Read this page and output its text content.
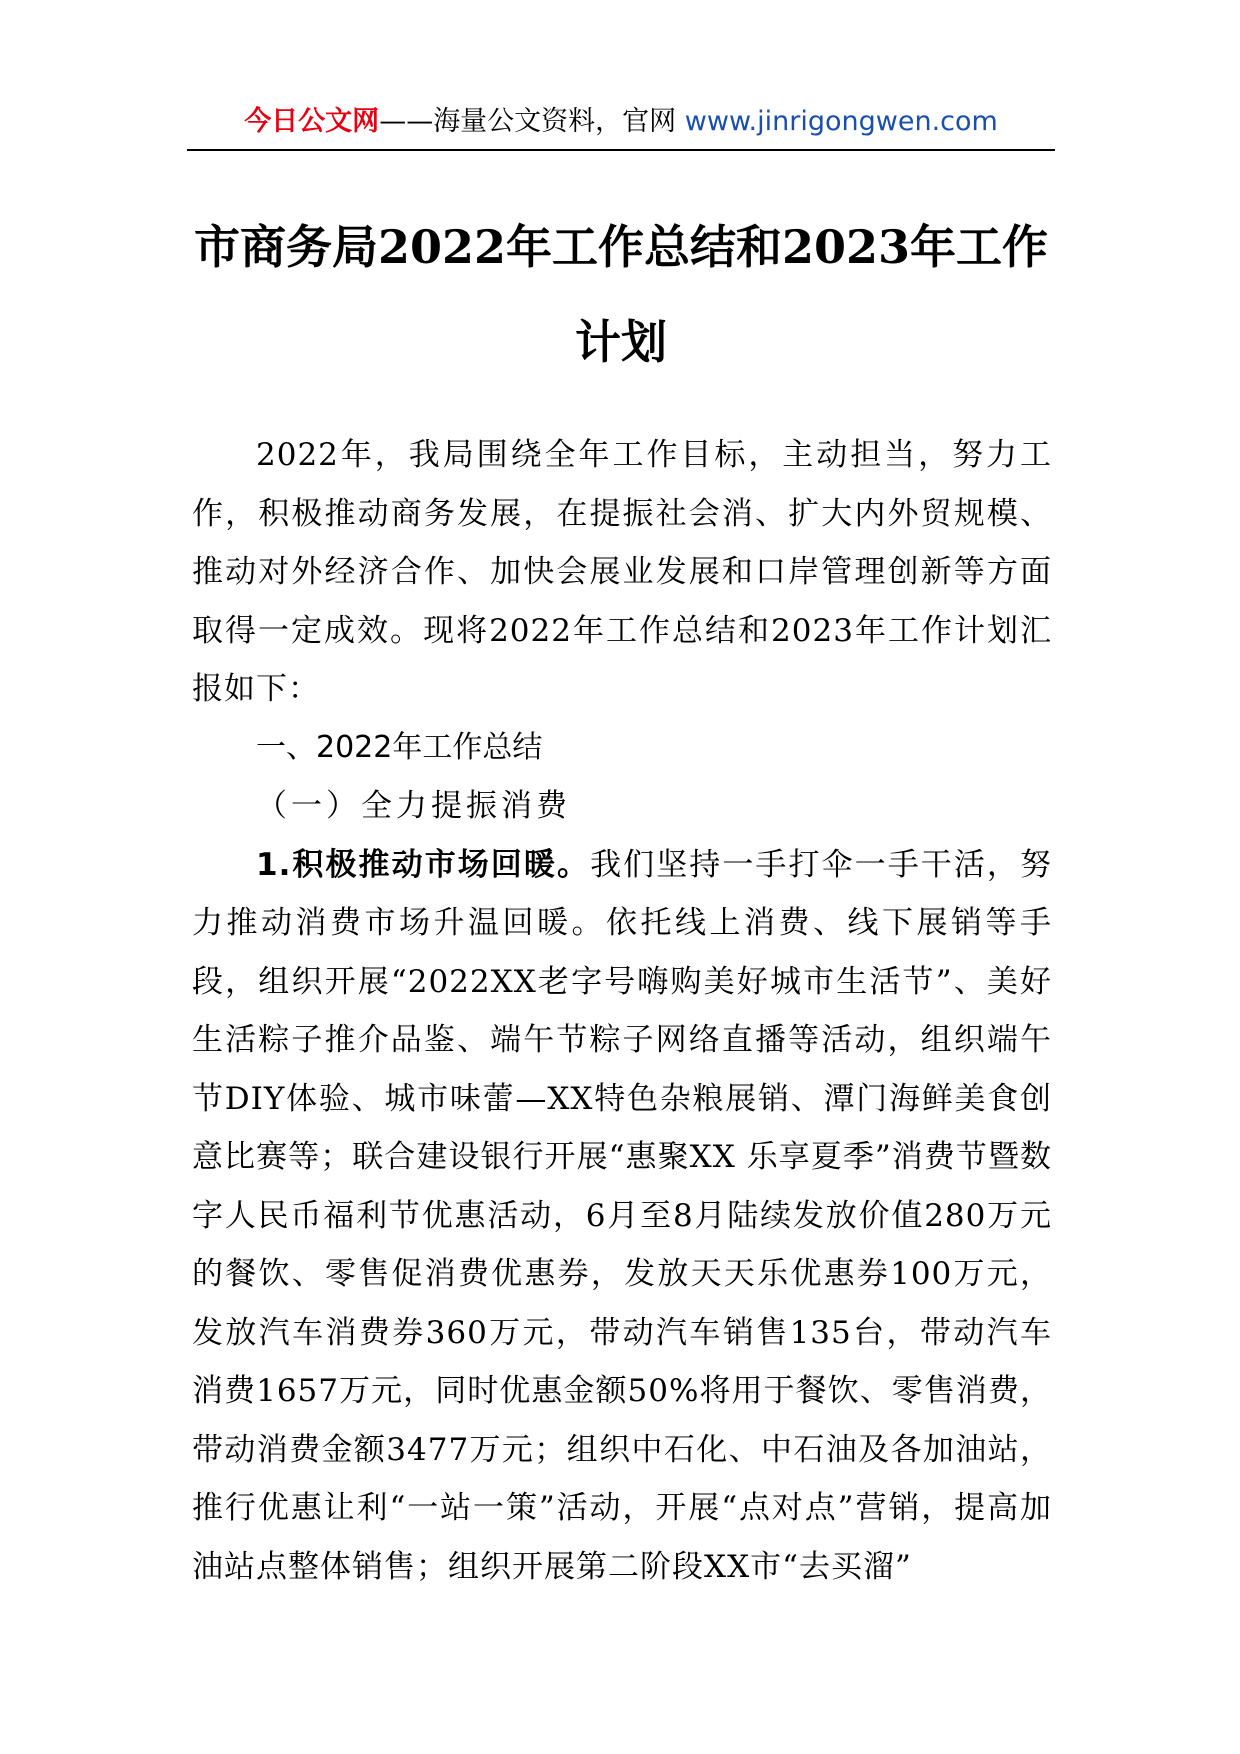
今日公文网——海量公文资料，官网 www.jinrigongwen.com
市商务局2022年工作总结和2023年工作计划

2022年，我局围绕全年工作目标，主动担当，努力工作，积极推动商务发展，在提振社会消、扩大内外贸规模、推动对外经济合作、加快会展业发展和口岸管理创新等方面取得一定成效。现将2022年工作总结和2023年工作计划汇报如下：

一、2022年工作总结

（一）全力提振消费

1.积极推动市场回暖。我们坚持一手打伞一手干活，努力推动消费市场升温回暖。依托线上消费、线下展销等手段，组织开展“2022XX老字号嗨购美好城市生活节”、美好生活粽子推介品鉴、端午节粽子网络直播等活动，组织端午节DIY体验、城市味蕾—XX特色杂粮展销、潭门海鲜美食创意比赛等；联合建设银行开展“惠聚XX 乐享夏季”消费节暨数字人民币福利节优惠活动，6月至8月陆续发放价值280万元的餐饮、零售促消费优惠券，发放天天乐优惠券100万元，发放汽车消费券360万元，带动汽车销售135台，带动汽车消费1657万元，同时优惠金额50%将用于餐饮、零售消费，带动消费金额3477万元；组织中石化、中石油及各加油站，推行优惠让利“一站一策”活动，开展“点对点”营销，提高加油站点整体销售；组织开展第二阶段XX市“去买溜”
